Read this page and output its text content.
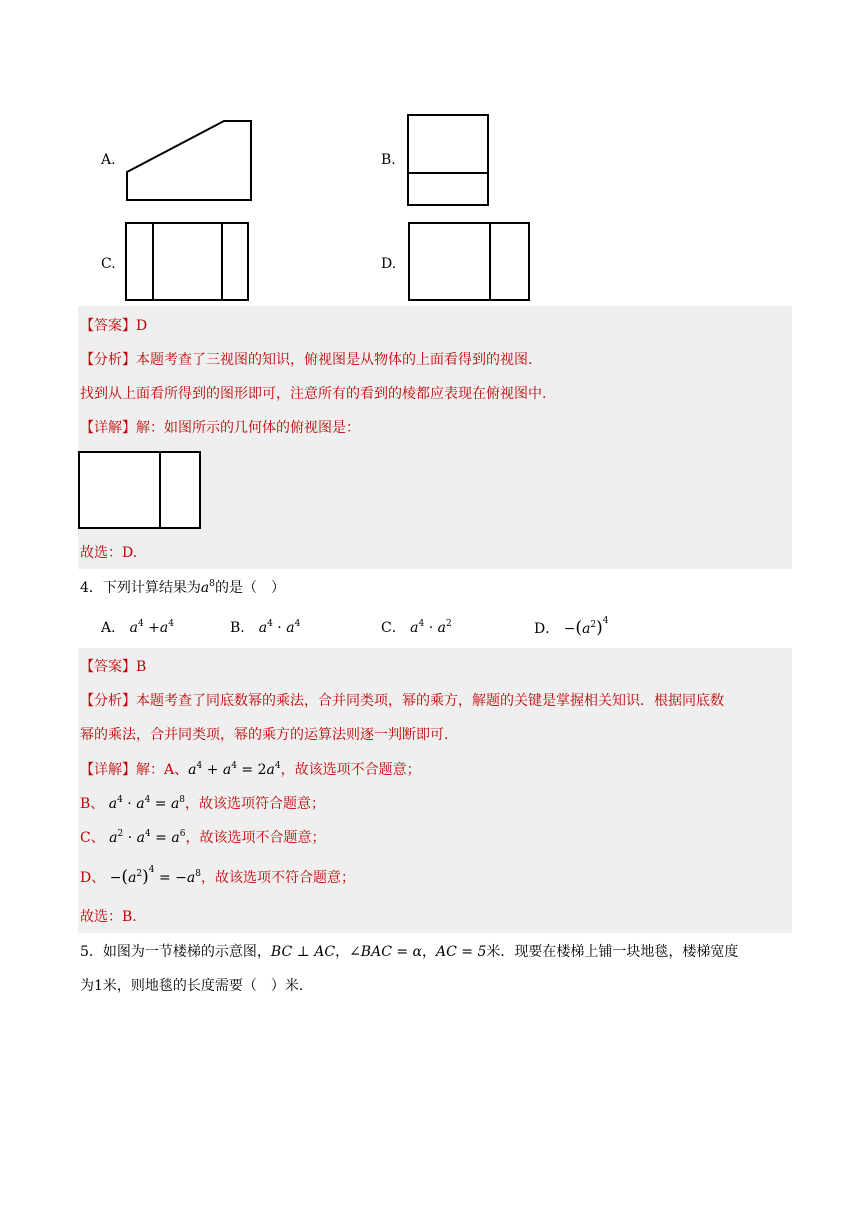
A.	B.
C.	D.
【答案】D
【分析】本题考查了三视图的知识，俯视图是从物体的上面看得到的视图.
找到从上面看所得到的图形即可，注意所有的看到的棱都应表现在俯视图中.
【详解】解：如图所示的几何体的俯视图是：
故选：D.
4．下列计算结果为$a^8$的是（　）
A． $a^4 +a^4$	B． $a^4 \cdot a^4$	C． $a^4 \cdot a^2$	D． $-(a^2)^4$
【答案】B
【分析】本题考查了同底数幂的乘法，合并同类项，幂的乘方，解题的关键是掌握相关知识．根据同底数
幂的乘法，合并同类项，幂的乘方的运算法则逐一判断即可.
【详解】解：A、$a^4 + a^4 = 2a^4$，故该选项不合题意；
B、 $a^4 \cdot a^4 = a^8$，故该选项符合题意；
C、 $a^2 \cdot a^4 = a^6$，故该选项不合题意；
D、 $-(a^2)^4 = -a^8$，故该选项不符合题意；
故选：B.
5．如图为一节楼梯的示意图，BC ⊥ AC，∠BAC = α，AC = 5米．现要在楼梯上铺一块地毯，楼梯宽度
为1米，则地毯的长度需要（　）米.
